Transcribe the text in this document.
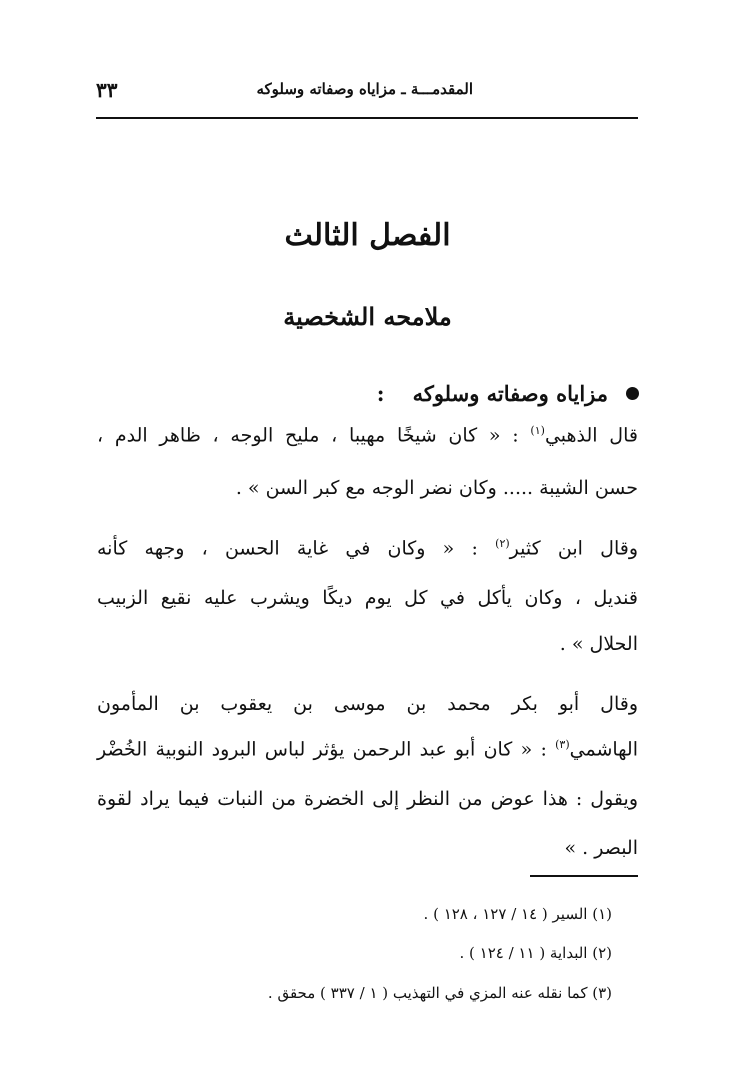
٣٣	المقدمـــة ـ مزاياه وصفاته وسلوكه
الفصل الثالث
ملامحه الشخصية
مزاياه وصفاته وسلوكه
:
قال الذهبي$^{(١)}$ : « كان شيخًا مهيبا ، مليح الوجه ، ظاهر الدم ،
حسن الشيبة ..... وكان نضر الوجه مع كبر السن » .
وقال ابن كثير$^{(٢)}$ : « وكان في غاية الحسن ، وجهه كأنه
قنديل ، وكان يأكل في كل يوم ديكًا ويشرب عليه نقيع الزبيب
الحلال » .
وقال أبو بكر محمد بن موسى بن يعقوب بن المأمون
الهاشمي$^{(٣)}$ : « كان أبو عبد الرحمن يؤثر لباس البرود النوبية الخُضْر
ويقول : هذا عوض من النظر إلى الخضرة من النبات فيما يراد لقوة
البصر . »
(١) السير ( ١٤ / ١٢٧ ، ١٢٨ ) .
(٢) البداية ( ١١ / ١٢٤ ) .
(٣) كما نقله عنه المزي في التهذيب ( ١ / ٣٣٧ ) محقق .
